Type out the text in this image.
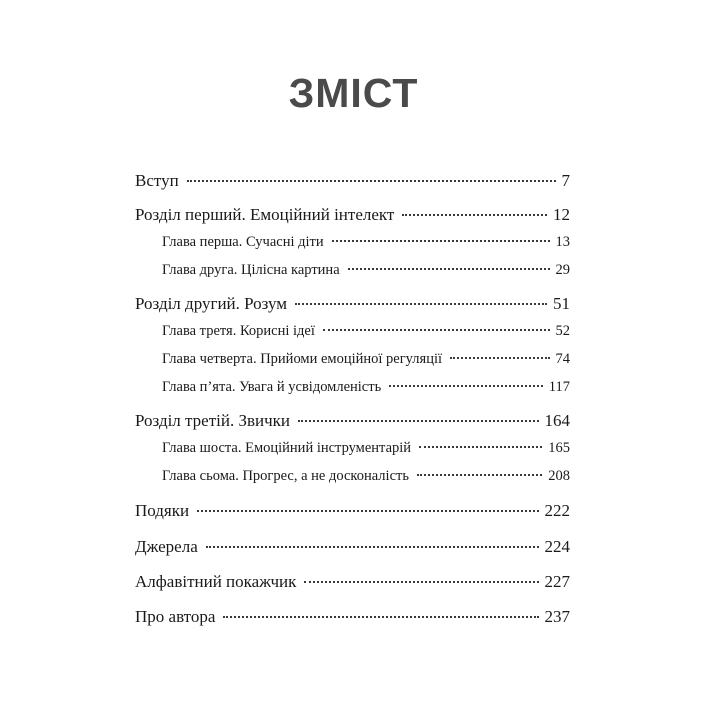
ЗМІСТ
Вступ	7
Розділ перший. Емоційний інтелект	12
Глава перша. Сучасні діти	13
Глава друга. Цілісна картина	29
Розділ другий. Розум	51
Глава третя. Корисні ідеї	52
Глава четверта. Прийоми емоційної регуляції	74
Глава п’ята. Увага й усвідомленість	117
Розділ третій. Звички	164
Глава шоста. Емоційний інструментарій	165
Глава сьома. Прогрес, а не досконалість	208
Подяки	222
Джерела	224
Алфавітний покажчик	227
Про автора	237
